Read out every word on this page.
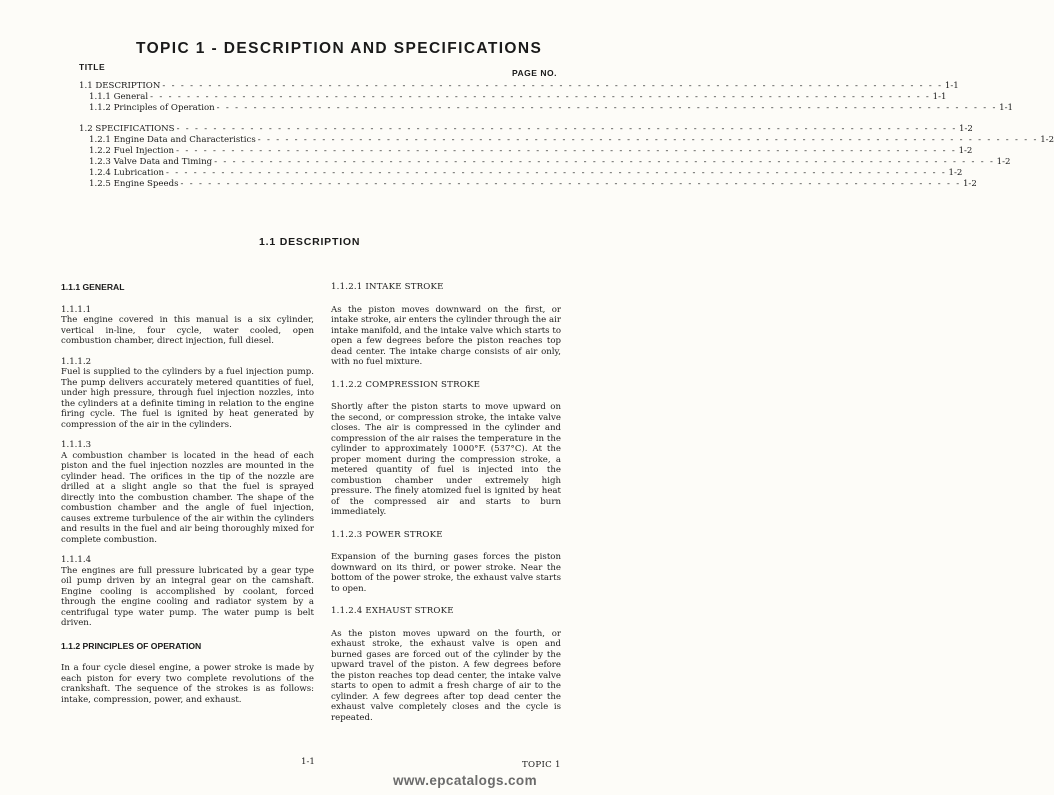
TOPIC 1 - DESCRIPTION AND SPECIFICATIONS
TITLE
PAGE NO.
1.1 DESCRIPTION - - - - - - - - - - - - - - - - - - - - - - - - - - - - - - - - - - - - - - - - - - - - - - - - - - - - - - - - - - - - - - - - - - - - - - - - - - - - - - - - - - - - - 1-1
1.1.1 General - - - - - - - - - - - - - - - - - - - - - - - - - - - - - - - - - - - - - - - - - - - - - - - - - - - - - - - - - - - - - - - - - - - - - - - - - - - - - - - - - - - - - 1-1
1.1.2 Principles of Operation - - - - - - - - - - - - - - - - - - - - - - - - - - - - - - - - - - - - - - - - - - - - - - - - - - - - - - - - - - - - - - - - - - - - - - - - - - - - - - - - - - - - - 1-1
1.2 SPECIFICATIONS - - - - - - - - - - - - - - - - - - - - - - - - - - - - - - - - - - - - - - - - - - - - - - - - - - - - - - - - - - - - - - - - - - - - - - - - - - - - - - - - - - - - - 1-2
1.2.1 Engine Data and Characteristics - - - - - - - - - - - - - - - - - - - - - - - - - - - - - - - - - - - - - - - - - - - - - - - - - - - - - - - - - - - - - - - - - - - - - - - - - - - - - - - - - - - - - 1-2
1.2.2 Fuel Injection - - - - - - - - - - - - - - - - - - - - - - - - - - - - - - - - - - - - - - - - - - - - - - - - - - - - - - - - - - - - - - - - - - - - - - - - - - - - - - - - - - - - - 1-2
1.2.3 Valve Data and Timing - - - - - - - - - - - - - - - - - - - - - - - - - - - - - - - - - - - - - - - - - - - - - - - - - - - - - - - - - - - - - - - - - - - - - - - - - - - - - - - - - - - - - 1-2
1.2.4 Lubrication - - - - - - - - - - - - - - - - - - - - - - - - - - - - - - - - - - - - - - - - - - - - - - - - - - - - - - - - - - - - - - - - - - - - - - - - - - - - - - - - - - - - - 1-2
1.2.5 Engine Speeds - - - - - - - - - - - - - - - - - - - - - - - - - - - - - - - - - - - - - - - - - - - - - - - - - - - - - - - - - - - - - - - - - - - - - - - - - - - - - - - - - - - - - 1-2
1.1 DESCRIPTION

1.1.1 GENERAL

1.1.1.1

The engine covered in this manual is a six cylinder, vertical in-line, four cycle, water cooled, open combustion chamber, direct injection, full diesel.

1.1.1.2

Fuel is supplied to the cylinders by a fuel injection pump. The pump delivers accurately metered quantities of fuel, under high pressure, through fuel injection nozzles, into the cylinders at a definite timing in relation to the engine firing cycle. The fuel is ignited by heat generated by compression of the air in the cylinders.

1.1.1.3

A combustion chamber is located in the head of each piston and the fuel injection nozzles are mounted in the cylinder head. The orifices in the tip of the nozzle are drilled at a slight angle so that the fuel is sprayed directly into the combustion chamber. The shape of the combustion chamber and the angle of fuel injection, causes extreme turbulence of the air within the cylinders and results in the fuel and air being thoroughly mixed for complete combustion.

1.1.1.4

The engines are full pressure lubricated by a gear type oil pump driven by an integral gear on the camshaft. Engine cooling is accomplished by coolant, forced through the engine cooling and radiator system by a centrifugal type water pump. The water pump is belt driven.

1.1.2 PRINCIPLES OF OPERATION

In a four cycle diesel engine, a power stroke is made by each piston for every two complete revolutions of the crankshaft. The sequence of the strokes is as follows: intake, compression, power, and exhaust.

1.1.2.1 INTAKE STROKE

As the piston moves downward on the first, or intake stroke, air enters the cylinder through the air intake manifold, and the intake valve which starts to open a few degrees before the piston reaches top dead center. The intake charge consists of air only, with no fuel mixture.

1.1.2.2 COMPRESSION STROKE

Shortly after the piston starts to move upward on the second, or compression stroke, the intake valve closes. The air is compressed in the cylinder and compression of the air raises the temperature in the cylinder to approximately 1000°F. (537°C). At the proper moment during the compression stroke, a metered quantity of fuel is injected into the combustion chamber under extremely high pressure. The finely atomized fuel is ignited by heat of the compressed air and starts to burn immediately.

1.1.2.3 POWER STROKE

Expansion of the burning gases forces the piston downward on its third, or power stroke. Near the bottom of the power stroke, the exhaust valve starts to open.

1.1.2.4 EXHAUST STROKE

As the piston moves upward on the fourth, or exhaust stroke, the exhaust valve is open and burned gases are forced out of the cylinder by the upward travel of the piston. A few degrees before the piston reaches top dead center, the intake valve starts to open to admit a fresh charge of air to the cylinder. A few degrees after top dead center the exhaust valve completely closes and the cycle is repeated.

1-1	TOPIC 1
www.epcatalogs.com
